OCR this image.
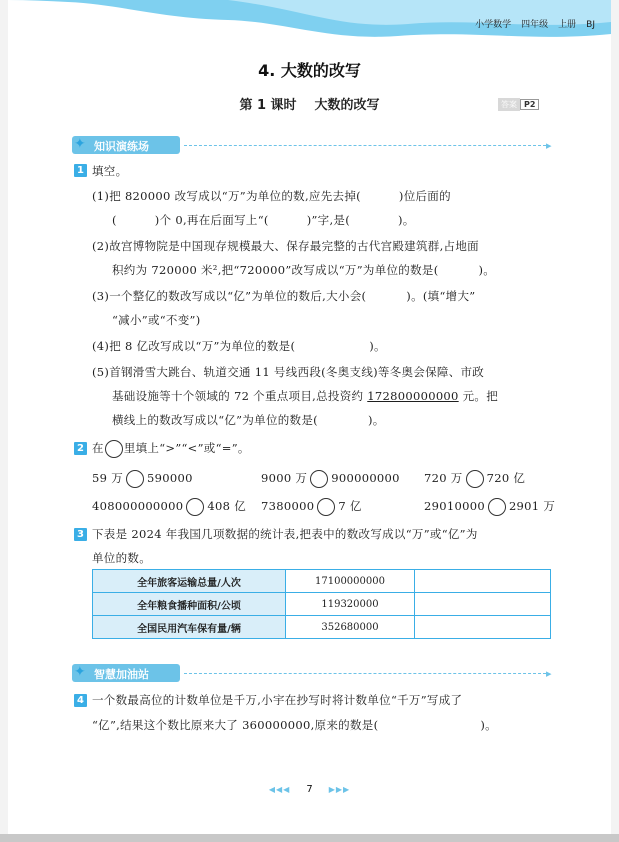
小学数学 四年级 上册 BJ
4. 大数的改写
第 1 课时 大数的改写	答案 P2
✦ 知识演练场	▸
1 填空。
(1)把 820000 改写成以“万”为单位的数,应先去掉(	)位后面的
(	)个 0,再在后面写上“(	)”字,是(	)。
(2)故宫博物院是中国现存规模最大、保存最完整的古代宫殿建筑群,占地面
积约为 720000 米²,把“720000”改写成以“万”为单位的数是(	)。
(3)一个整亿的数改写成以“亿”为单位的数后,大小会(	)。(填“增大”
“减小”或“不变”)
(4)把 8 亿改写成以“万”为单位的数是(	)。
(5)首钢滑雪大跳台、轨道交通 11 号线西段(冬奥支线)等冬奥会保障、市政
基础设施等十个领域的 72 个重点项目,总投资约 172800000000 元。把
横线上的数改写成以“亿”为单位的数是(	)。
2 在 里填上“>”“<”或“=”。
59 万 590000	9000 万 900000000 720 万 720 亿
408000000000 408 亿 7380000 7 亿	29010000 2901 万
3 下表是 2024 年我国几项数据的统计表,把表中的数改写成以“万”或“亿”为
单位的数。
全年旅客运输总量/人次	17100000000	
全年粮食播种面积/公顷	119320000	
全国民用汽车保有量/辆	352680000	
✦ 智慧加油站	▸
4 一个数最高位的计数单位是千万,小宇在抄写时将计数单位“千万”写成了
“亿”,结果这个数比原来大了 360000000,原来的数是(	)。
◀◀◀ 7 ▶▶▶
